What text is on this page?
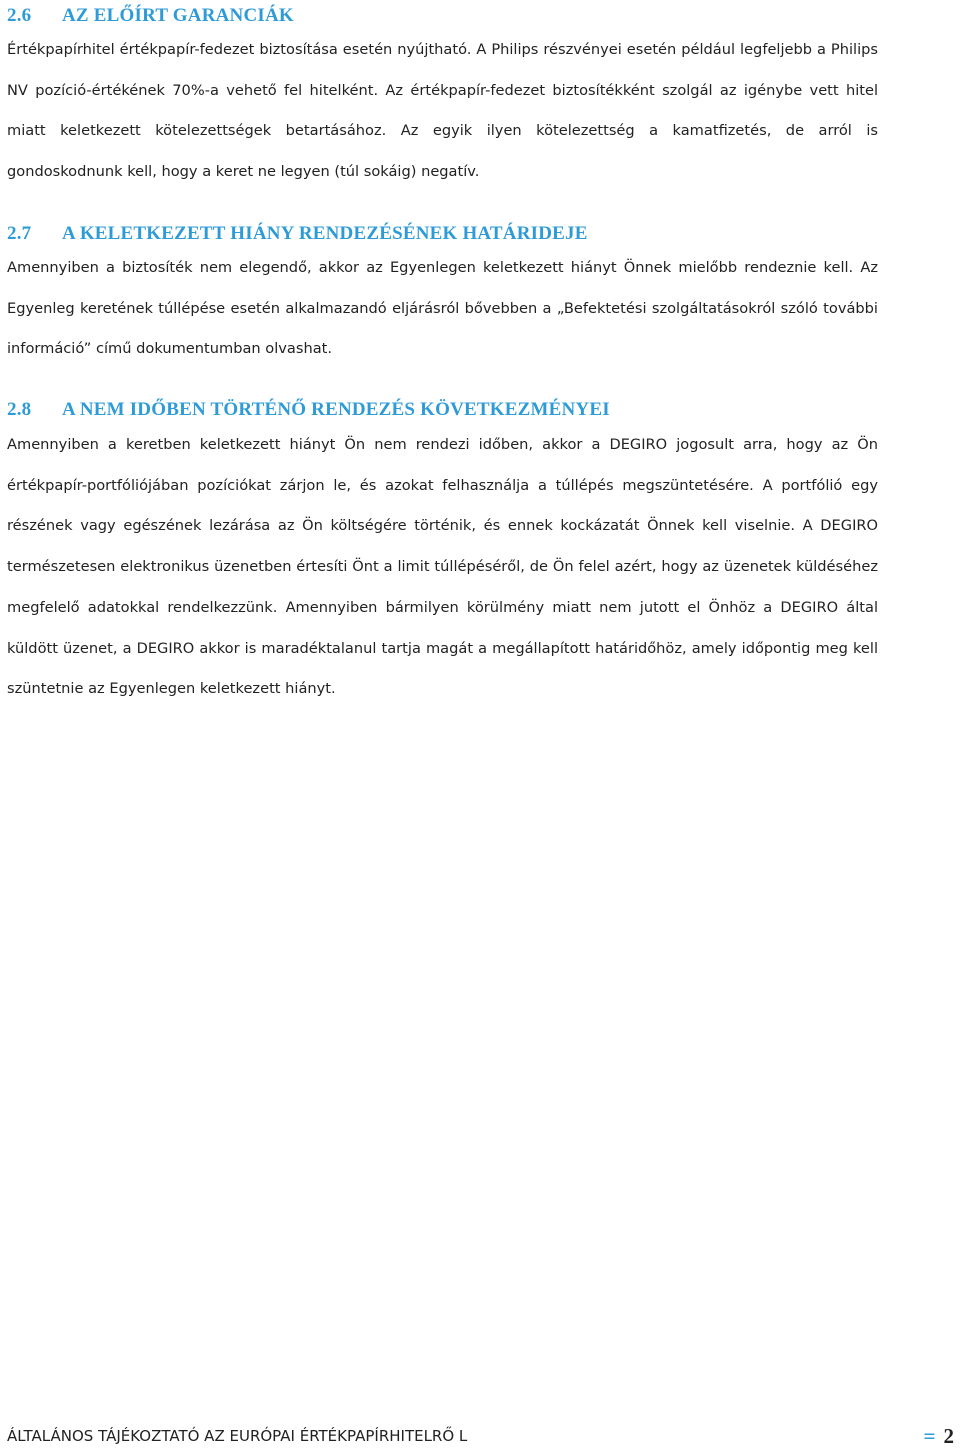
2.6 AZ ELŐÍRT GARANCIÁK

Értékpapírhitel értékpapír-fedezet biztosítása esetén nyújtható. A Philips részvényei esetén például legfeljebb a Philips NV pozíció-értékének 70%-a vehető fel hitelként. Az értékpapír-fedezet biztosítékként szolgál az igénybe vett hitel miatt keletkezett kötelezettségek betartásához. Az egyik ilyen kötelezettség a kamatfizetés, de arról is gondoskodnunk kell, hogy a keret ne legyen (túl sokáig) negatív.

2.7 A KELETKEZETT HIÁNY RENDEZÉSÉNEK HATÁRIDEJE

Amennyiben a biztosíték nem elegendő, akkor az Egyenlegen keletkezett hiányt Önnek mielőbb rendeznie kell. Az Egyenleg keretének túllépése esetén alkalmazandó eljárásról bővebben a „Befektetési szolgáltatásokról szóló további információ” című dokumentumban olvashat.

2.8 A NEM IDŐBEN TÖRTÉNŐ RENDEZÉS KÖVETKEZMÉNYEI

Amennyiben a keretben keletkezett hiányt Ön nem rendezi időben, akkor a DEGIRO jogosult arra, hogy az Ön értékpapír-portfóliójában pozíciókat zárjon le, és azokat felhasználja a túllépés megszüntetésére. A portfólió egy részének vagy egészének lezárása az Ön költségére történik, és ennek kockázatát Önnek kell viselnie. A DEGIRO természetesen elektronikus üzenetben értesíti Önt a limit túllépéséről, de Ön felel azért, hogy az üzenetek küldéséhez megfelelő adatokkal rendelkezzünk. Amennyiben bármilyen körülmény miatt nem jutott el Önhöz a DEGIRO által küldött üzenet, a DEGIRO akkor is maradéktalanul tartja magát a megállapított határidőhöz, amely időpontig meg kell szüntetnie az Egyenlegen keletkezett hiányt.

ÁLTALÁNOS TÁJÉKOZTATÓ AZ EURÓPAI ÉRTÉKPAPÍRHITELRŐ L	= 2
